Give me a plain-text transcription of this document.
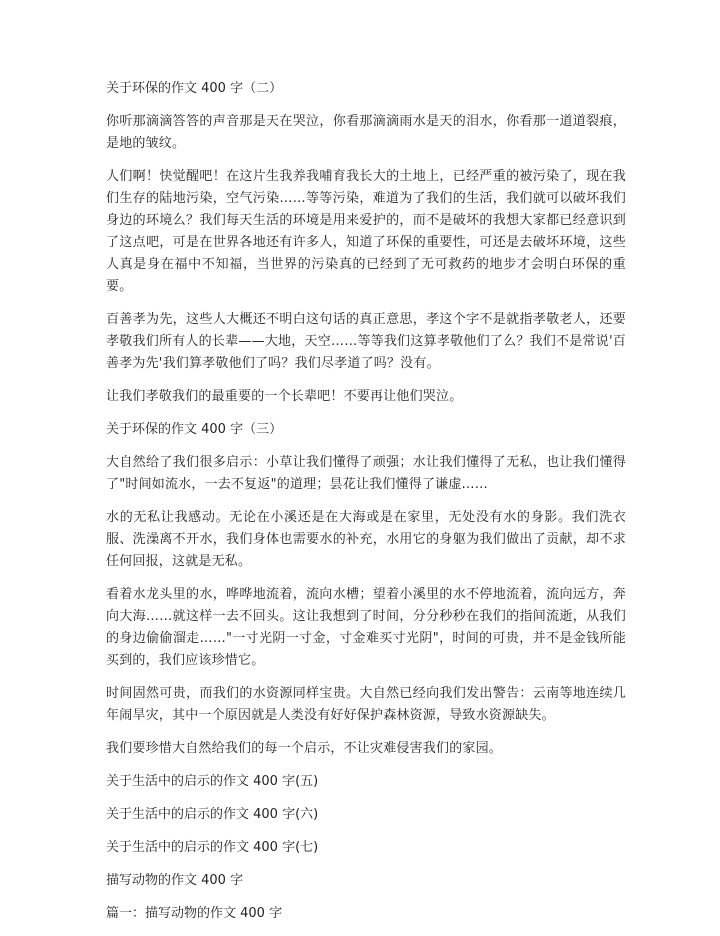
关于环保的作文 400 字（二）

你听那滴滴答答的声音那是天在哭泣，你看那滴滴雨水是天的泪水，你看那一道道裂痕，是地的皱纹。

人们啊！快觉醒吧！在这片生我养我哺育我长大的土地上，已经严重的被污染了，现在我们生存的陆地污染，空气污染……等等污染，难道为了我们的生活，我们就可以破坏我们身边的环境么？我们每天生活的环境是用来爱护的，而不是破坏的我想大家都已经意识到了这点吧，可是在世界各地还有许多人，知道了环保的重要性，可还是去破坏环境，这些人真是身在福中不知福，当世界的污染真的已经到了无可救药的地步才会明白环保的重要。

百善孝为先，这些人大概还不明白这句话的真正意思，孝这个字不是就指孝敬老人，还要孝敬我们所有人的长辈——大地，天空……等等我们这算孝敬他们了么？我们不是常说'百善孝为先'我们算孝敬他们了吗？我们尽孝道了吗？没有。

让我们孝敬我们的最重要的一个长辈吧！不要再让他们哭泣。

关于环保的作文 400 字（三）

大自然给了我们很多启示：小草让我们懂得了顽强；水让我们懂得了无私，也让我们懂得了"时间如流水，一去不复返"的道理；昙花让我们懂得了谦虚……

水的无私让我感动。无论在小溪还是在大海或是在家里，无处没有水的身影。我们洗衣服、洗澡离不开水，我们身体也需要水的补充，水用它的身躯为我们做出了贡献，却不求任何回报，这就是无私。

看着水龙头里的水，哗哗地流着，流向水槽；望着小溪里的水不停地流着，流向远方，奔向大海……就这样一去不回头。这让我想到了时间，分分秒秒在我们的指间流逝，从我们的身边偷偷溜走……"一寸光阴一寸金，寸金难买寸光阴"，时间的可贵，并不是金钱所能买到的，我们应该珍惜它。

时间固然可贵，而我们的水资源同样宝贵。大自然已经向我们发出警告：云南等地连续几年闹旱灾，其中一个原因就是人类没有好好保护森林资源，导致水资源缺失。

我们要珍惜大自然给我们的每一个启示，不让灾难侵害我们的家园。

关于生活中的启示的作文 400 字(五)
关于生活中的启示的作文 400 字(六)
关于生活中的启示的作文 400 字(七)
描写动物的作文 400 字
篇一：描写动物的作文 400 字
